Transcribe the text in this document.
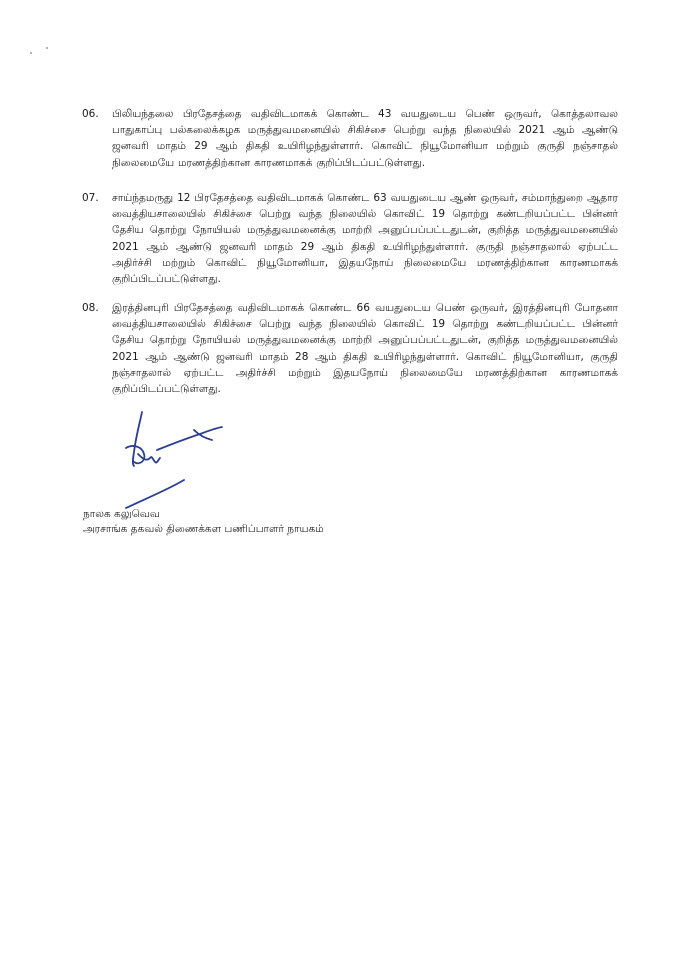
06.	பிலியந்தலை பிரதேசத்தை வதிவிடமாகக் கொண்ட 43 வயதுடைய பெண் ஒருவர், கொத்தலாவல பாதுகாப்பு பல்கலைக்கழக மருத்துவமனையில் சிகிச்சை பெற்று வந்த நிலையில் 2021 ஆம் ஆண்டு ஜனவரி மாதம் 29 ஆம் திகதி உயிரிழந்துள்ளார். கொவிட் நியூமோனியா மற்றும் குருதி நஞ்சாதல் நிலைமையே மரணத்திற்கான காரணமாகக் குறிப்பிடப்பட்டுள்ளது.
07.	சாய்ந்தமருது 12 பிரதேசத்தை வதிவிடமாகக் கொண்ட 63 வயதுடைய ஆண் ஒருவர், சம்மாந்துறை ஆதார வைத்தியசாலையில் சிகிச்சை பெற்று வந்த நிலையில் கொவிட் 19 தொற்று கண்டறியப்பட்ட பின்னர் தேசிய தொற்று நோயியல் மருத்துவமனைக்கு மாற்றி அனுப்பப்பட்டதுடன், குறித்த மருத்துவமனையில் 2021 ஆம் ஆண்டு ஜனவரி மாதம் 29 ஆம் திகதி உயிரிழந்துள்ளார். குருதி நஞ்சாதலால் ஏற்பட்ட அதிர்ச்சி மற்றும் கொவிட் நியூமோனியா, இதயநோய் நிலைமையே மரணத்திற்கான காரணமாகக் குறிப்பிடப்பட்டுள்ளது.
08.	இரத்தினபுரி பிரதேசத்தை வதிவிடமாகக் கொண்ட 66 வயதுடைய பெண் ஒருவர், இரத்தினபுரி போதனா வைத்தியசாலையில் சிகிச்சை பெற்று வந்த நிலையில் கொவிட் 19 தொற்று கண்டறியப்பட்ட பின்னர் தேசிய தொற்று நோயியல் மருத்துவமனைக்கு மாற்றி அனுப்பப்பட்டதுடன், குறித்த மருத்துவமனையில் 2021 ஆம் ஆண்டு ஜனவரி மாதம் 28 ஆம் திகதி உயிரிழந்துள்ளார். கொவிட் நியூமோனியா, குருதி நஞ்சாதலால் ஏற்பட்ட அதிர்ச்சி மற்றும் இதயநோய் நிலைமையே மரணத்திற்கான காரணமாகக் குறிப்பிடப்பட்டுள்ளது.
நாலக கலுவெவ
அரசாங்க தகவல் திணைக்கள பணிப்பாளர் நாயகம்
